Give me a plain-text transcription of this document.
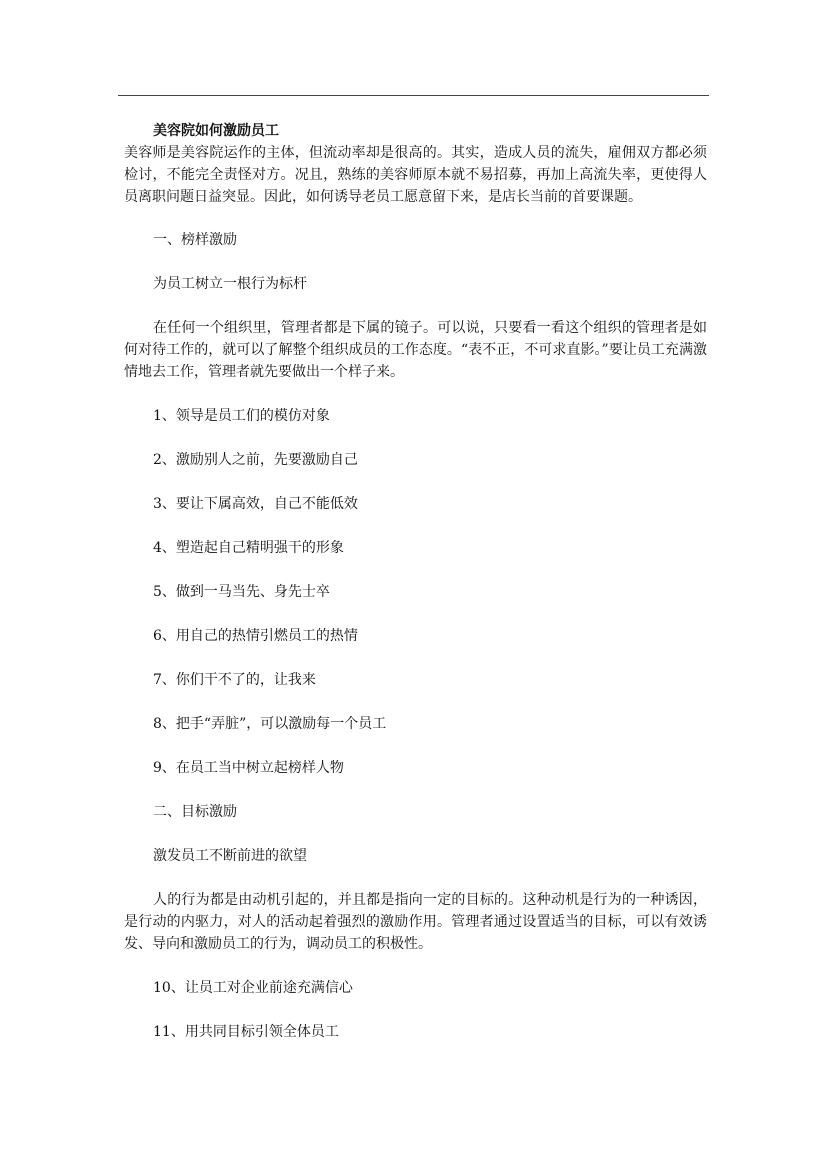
美容院如何激励员工

美容师是美容院运作的主体，但流动率却是很高的。其实，造成人员的流失，雇佣双方都必须检讨，不能完全责怪对方。况且，熟练的美容师原本就不易招募，再加上高流失率，更使得人员离职问题日益突显。因此，如何诱导老员工愿意留下来，是店长当前的首要课题。

一、榜样激励

为员工树立一根行为标杆

在任何一个组织里，管理者都是下属的镜子。可以说，只要看一看这个组织的管理者是如何对待工作的，就可以了解整个组织成员的工作态度。“表不正，不可求直影。”要让员工充满激情地去工作，管理者就先要做出一个样子来。

1、领导是员工们的模仿对象

2、激励别人之前，先要激励自己

3、要让下属高效，自己不能低效

4、塑造起自己精明强干的形象

5、做到一马当先、身先士卒

6、用自己的热情引燃员工的热情

7、你们干不了的，让我来

8、把手“弄脏”，可以激励每一个员工

9、在员工当中树立起榜样人物

二、目标激励

激发员工不断前进的欲望

人的行为都是由动机引起的，并且都是指向一定的目标的。这种动机是行为的一种诱因，是行动的内驱力，对人的活动起着强烈的激励作用。管理者通过设置适当的目标，可以有效诱发、导向和激励员工的行为，调动员工的积极性。

10、让员工对企业前途充满信心

11、用共同目标引领全体员工
